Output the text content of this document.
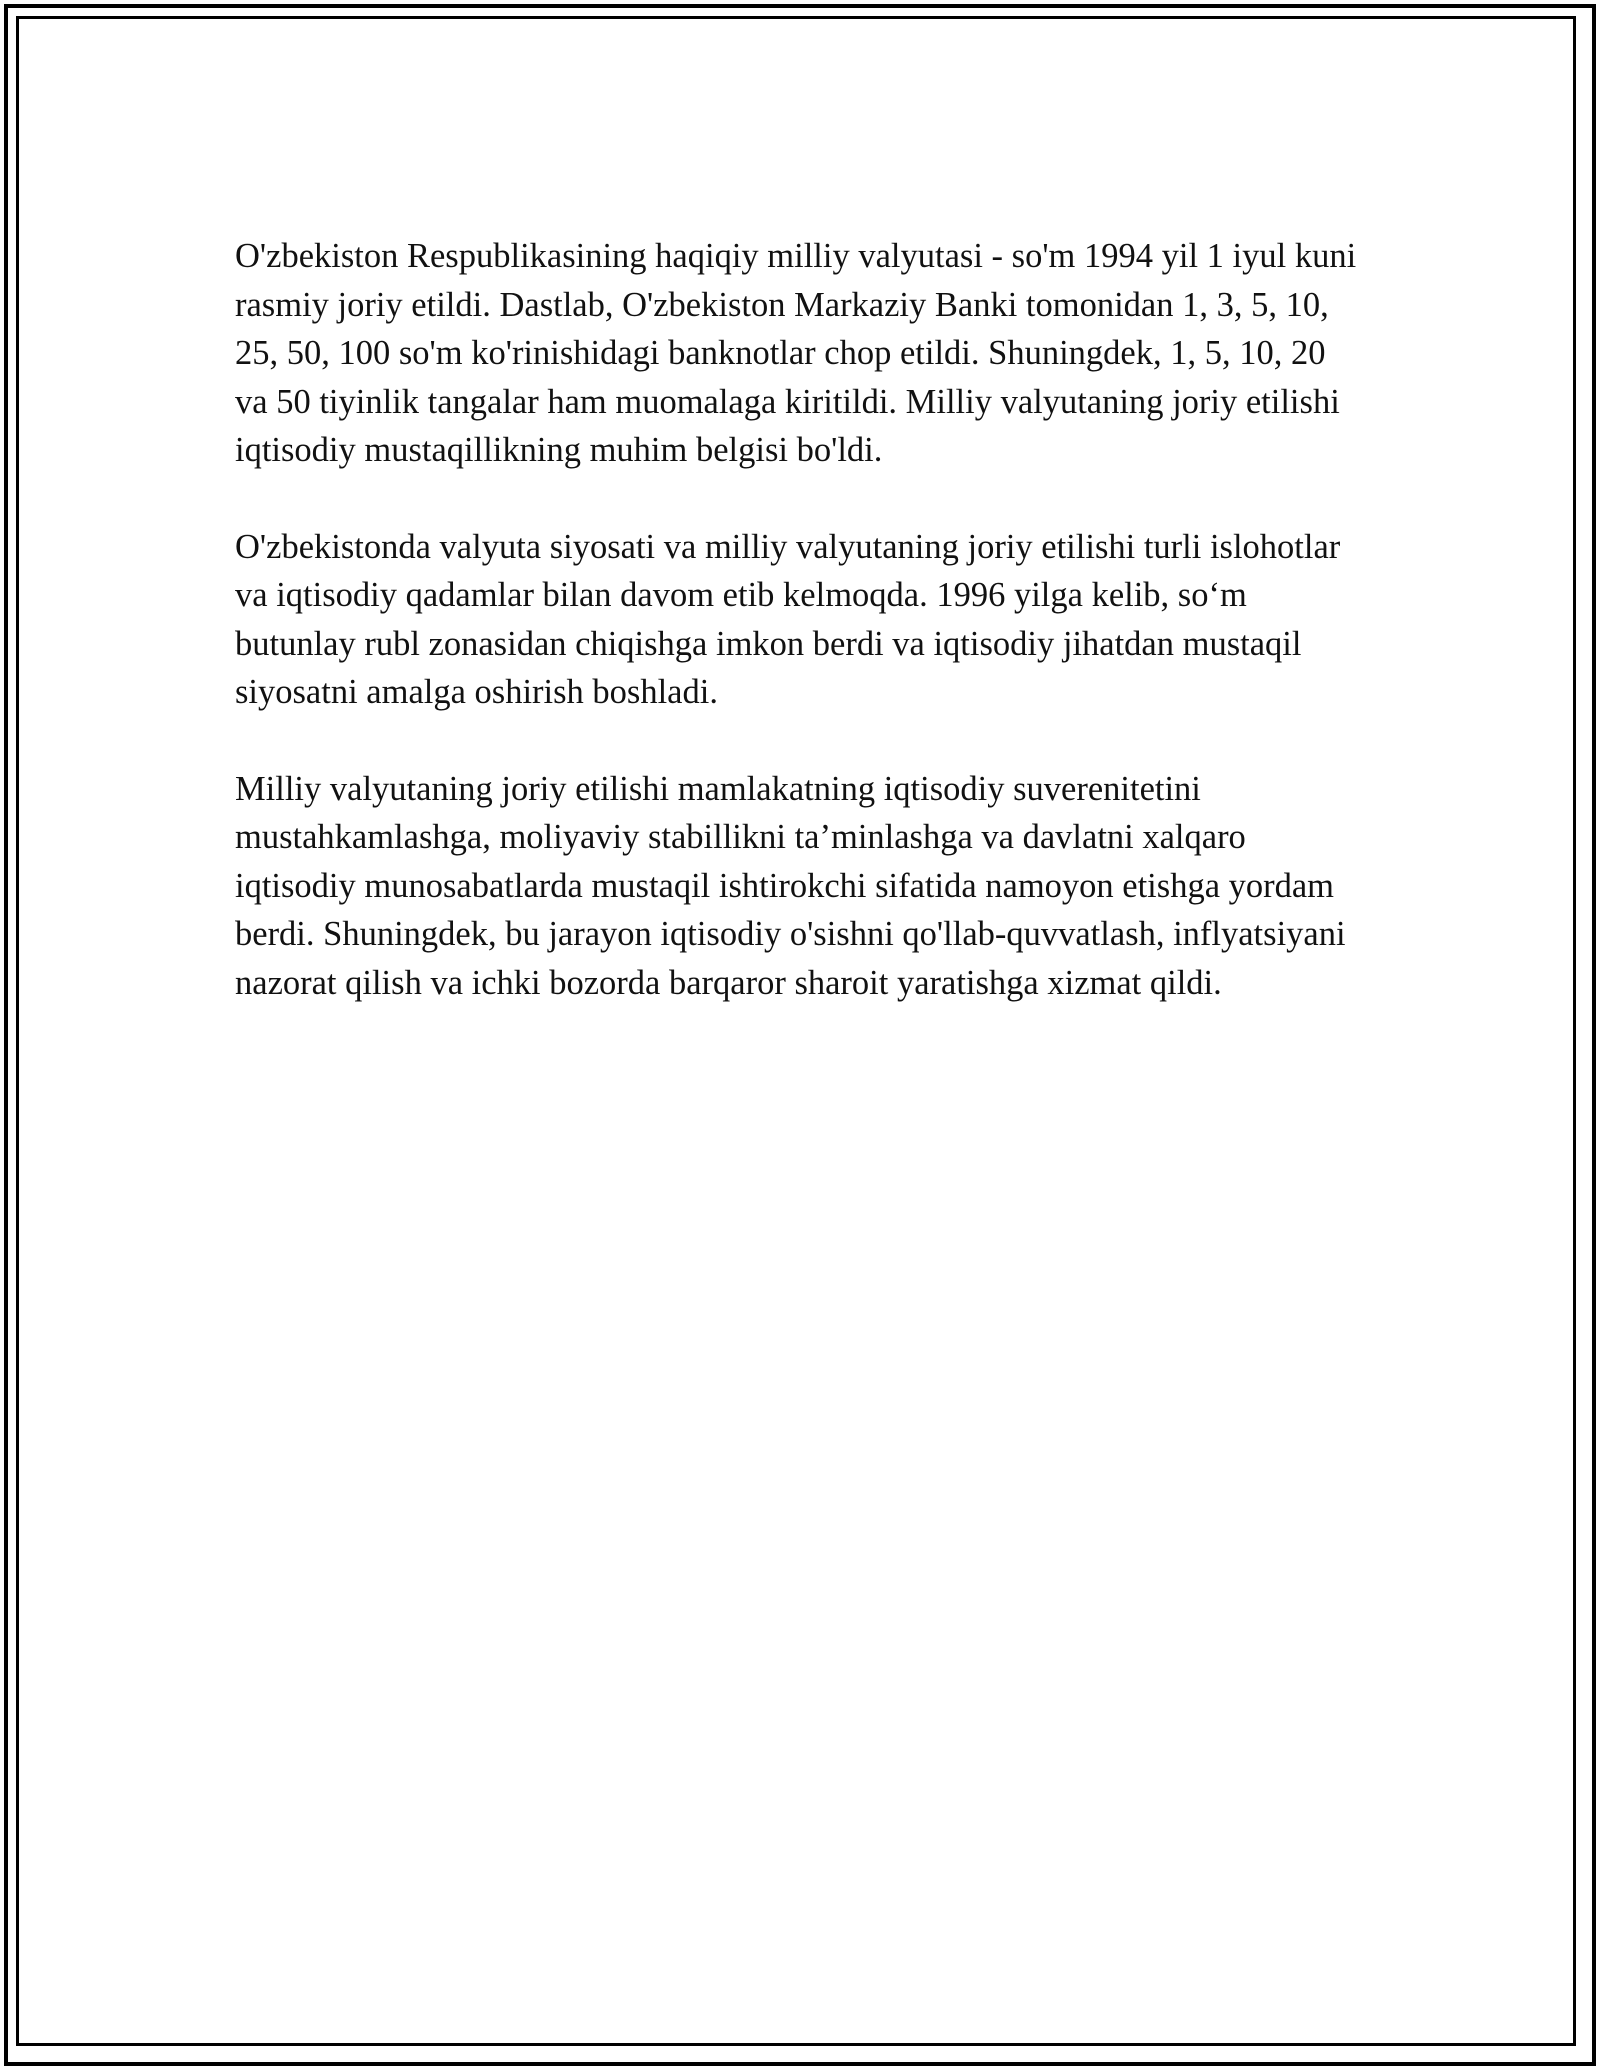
O'zbekiston Respublikasining haqiqiy milliy valyutasi - so'm 1994 yil 1 iyul kuni rasmiy joriy etildi. Dastlab, O'zbekiston Markaziy Banki tomonidan 1, 3, 5, 10, 25, 50, 100 so'm ko'rinishidagi banknotlar chop etildi. Shuningdek, 1, 5, 10, 20 va 50 tiyinlik tangalar ham muomalaga kiritildi. Milliy valyutaning joriy etilishi iqtisodiy mustaqillikning muhim belgisi bo'ldi.

O'zbekistonda valyuta siyosati va milliy valyutaning joriy etilishi turli islohotlar va iqtisodiy qadamlar bilan davom etib kelmoqda. 1996 yilga kelib, so‘m butunlay rubl zonasidan chiqishga imkon berdi va iqtisodiy jihatdan mustaqil siyosatni amalga oshirish boshladi.

Milliy valyutaning joriy etilishi mamlakatning iqtisodiy suverenitetini mustahkamlashga, moliyaviy stabillikni ta’minlashga va davlatni xalqaro iqtisodiy munosabatlarda mustaqil ishtirokchi sifatida namoyon etishga yordam berdi. Shuningdek, bu jarayon iqtisodiy o'sishni qo'llab-quvvatlash, inflyatsiyani nazorat qilish va ichki bozorda barqaror sharoit yaratishga xizmat qildi.
